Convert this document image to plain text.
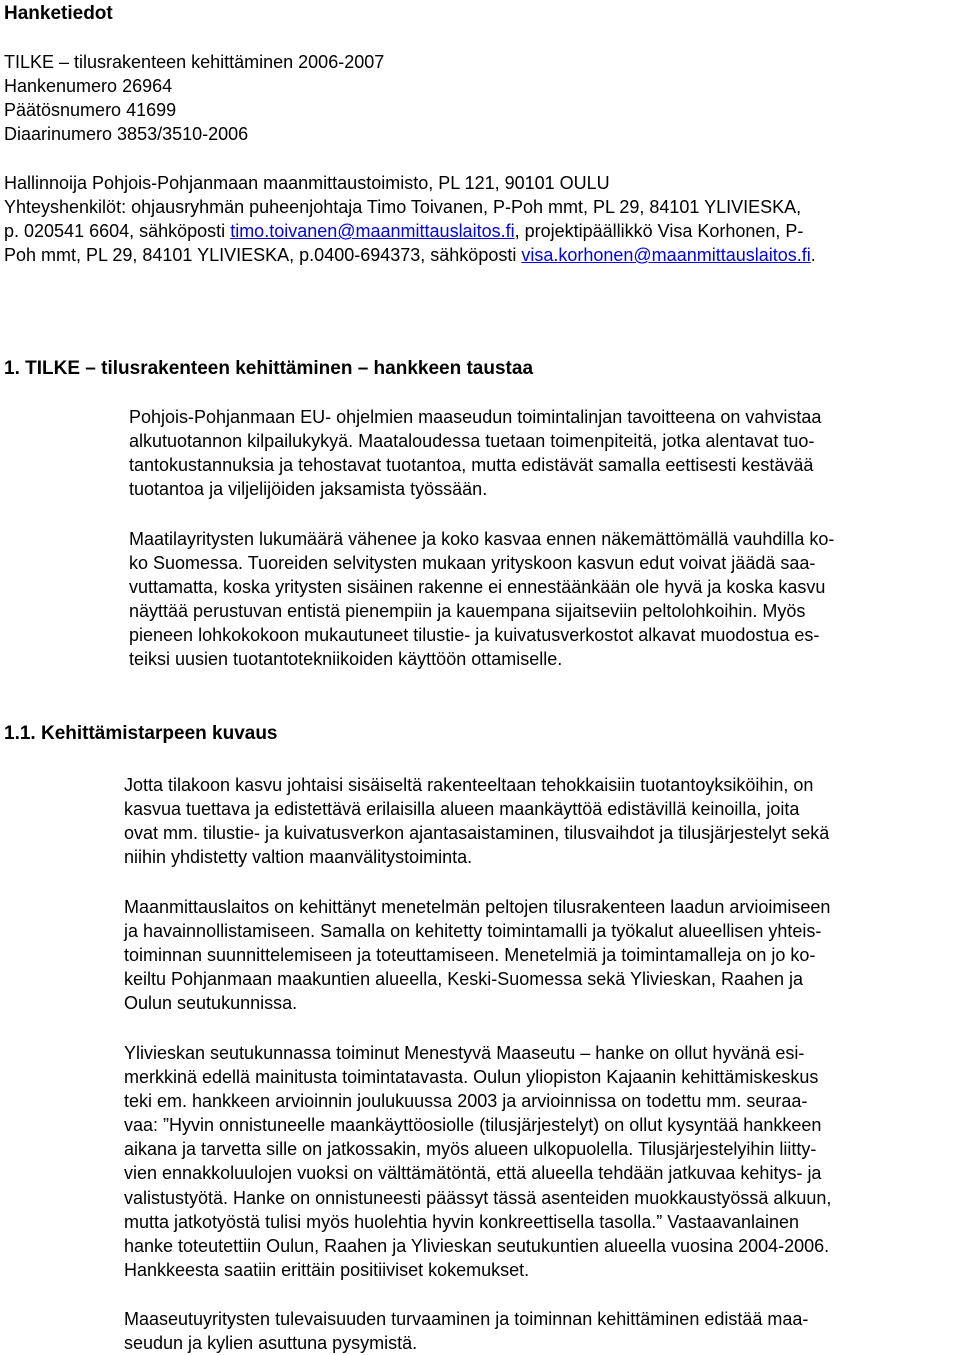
Hanketiedot
TILKE – tilusrakenteen kehittäminen 2006-2007
Hankenumero 26964
Päätösnumero 41699
Diaarinumero 3853/3510-2006
Hallinnoija Pohjois-Pohjanmaan maanmittaustoimisto, PL 121, 90101 OULU
Yhteyshenkilöt: ohjausryhmän puheenjohtaja Timo Toivanen, P-Poh mmt, PL 29, 84101 YLIVIESKA,
p. 020541 6604, sähköposti timo.toivanen@maanmittauslaitos.fi, projektipäällikkö Visa Korhonen, P-
Poh mmt, PL 29, 84101 YLIVIESKA, p.0400-694373, sähköposti visa.korhonen@maanmittauslaitos.fi.
1. TILKE – tilusrakenteen kehittäminen – hankkeen taustaa
Pohjois-Pohjanmaan EU- ohjelmien maaseudun toimintalinjan tavoitteena on vahvistaa
alkutuotannon kilpailukykyä. Maataloudessa tuetaan toimenpiteitä, jotka alentavat tuo-
tantokustannuksia ja tehostavat tuotantoa, mutta edistävät samalla eettisesti kestävää
tuotantoa ja viljelijöiden jaksamista työssään.
Maatilayritysten lukumäärä vähenee ja koko kasvaa ennen näkemättömällä vauhdilla ko-
ko Suomessa. Tuoreiden selvitysten mukaan yrityskoon kasvun edut voivat jäädä saa-
vuttamatta, koska yritysten sisäinen rakenne ei ennestäänkään ole hyvä ja koska kasvu
näyttää perustuvan entistä pienempiin ja kauempana sijaitseviin peltolohkoihin. Myös
pieneen lohkokokoon mukautuneet tilustie- ja kuivatusverkostot alkavat muodostua es-
teiksi uusien tuotantotekniikoiden käyttöön ottamiselle.
1.1. Kehittämistarpeen kuvaus
Jotta tilakoon kasvu johtaisi sisäiseltä rakenteeltaan tehokkaisiin tuotantoyksiköihin, on
kasvua tuettava ja edistettävä erilaisilla alueen maankäyttöä edistävillä keinoilla, joita
ovat mm. tilustie- ja kuivatusverkon ajantasaistaminen, tilusvaihdot ja tilusjärjestelyt sekä
niihin yhdistetty valtion maanvälitystoiminta.
Maanmittauslaitos on kehittänyt menetelmän peltojen tilusrakenteen laadun arvioimiseen
ja havainnollistamiseen. Samalla on kehitetty toimintamalli ja työkalut alueellisen yhteis-
toiminnan suunnittelemiseen ja toteuttamiseen. Menetelmiä ja toimintamalleja on jo ko-
keiltu Pohjanmaan maakuntien alueella, Keski-Suomessa sekä Ylivieskan, Raahen ja
Oulun seutukunnissa.
Ylivieskan seutukunnassa toiminut Menestyvä Maaseutu – hanke on ollut hyvänä esi-
merkkinä edellä mainitusta toimintatavasta. Oulun yliopiston Kajaanin kehittämiskeskus
teki em. hankkeen arvioinnin joulukuussa 2003 ja arvioinnissa on todettu mm. seuraa-
vaa: ”Hyvin onnistuneelle maankäyttöosiolle (tilusjärjestelyt) on ollut kysyntää hankkeen
aikana ja tarvetta sille on jatkossakin, myös alueen ulkopuolella. Tilusjärjestelyihin liitty-
vien ennakkoluulojen vuoksi on välttämätöntä, että alueella tehdään jatkuvaa kehitys- ja
valistustyötä. Hanke on onnistuneesti päässyt tässä asenteiden muokkaustyössä alkuun,
mutta jatkotyöstä tulisi myös huolehtia hyvin konkreettisella tasolla.” Vastaavanlainen
hanke toteutettiin Oulun, Raahen ja Ylivieskan seutukuntien alueella vuosina 2004-2006.
Hankkeesta saatiin erittäin positiiviset kokemukset.
Maaseutuyritysten tulevaisuuden turvaaminen ja toiminnan kehittäminen edistää maa-
seudun ja kylien asuttuna pysymistä.
